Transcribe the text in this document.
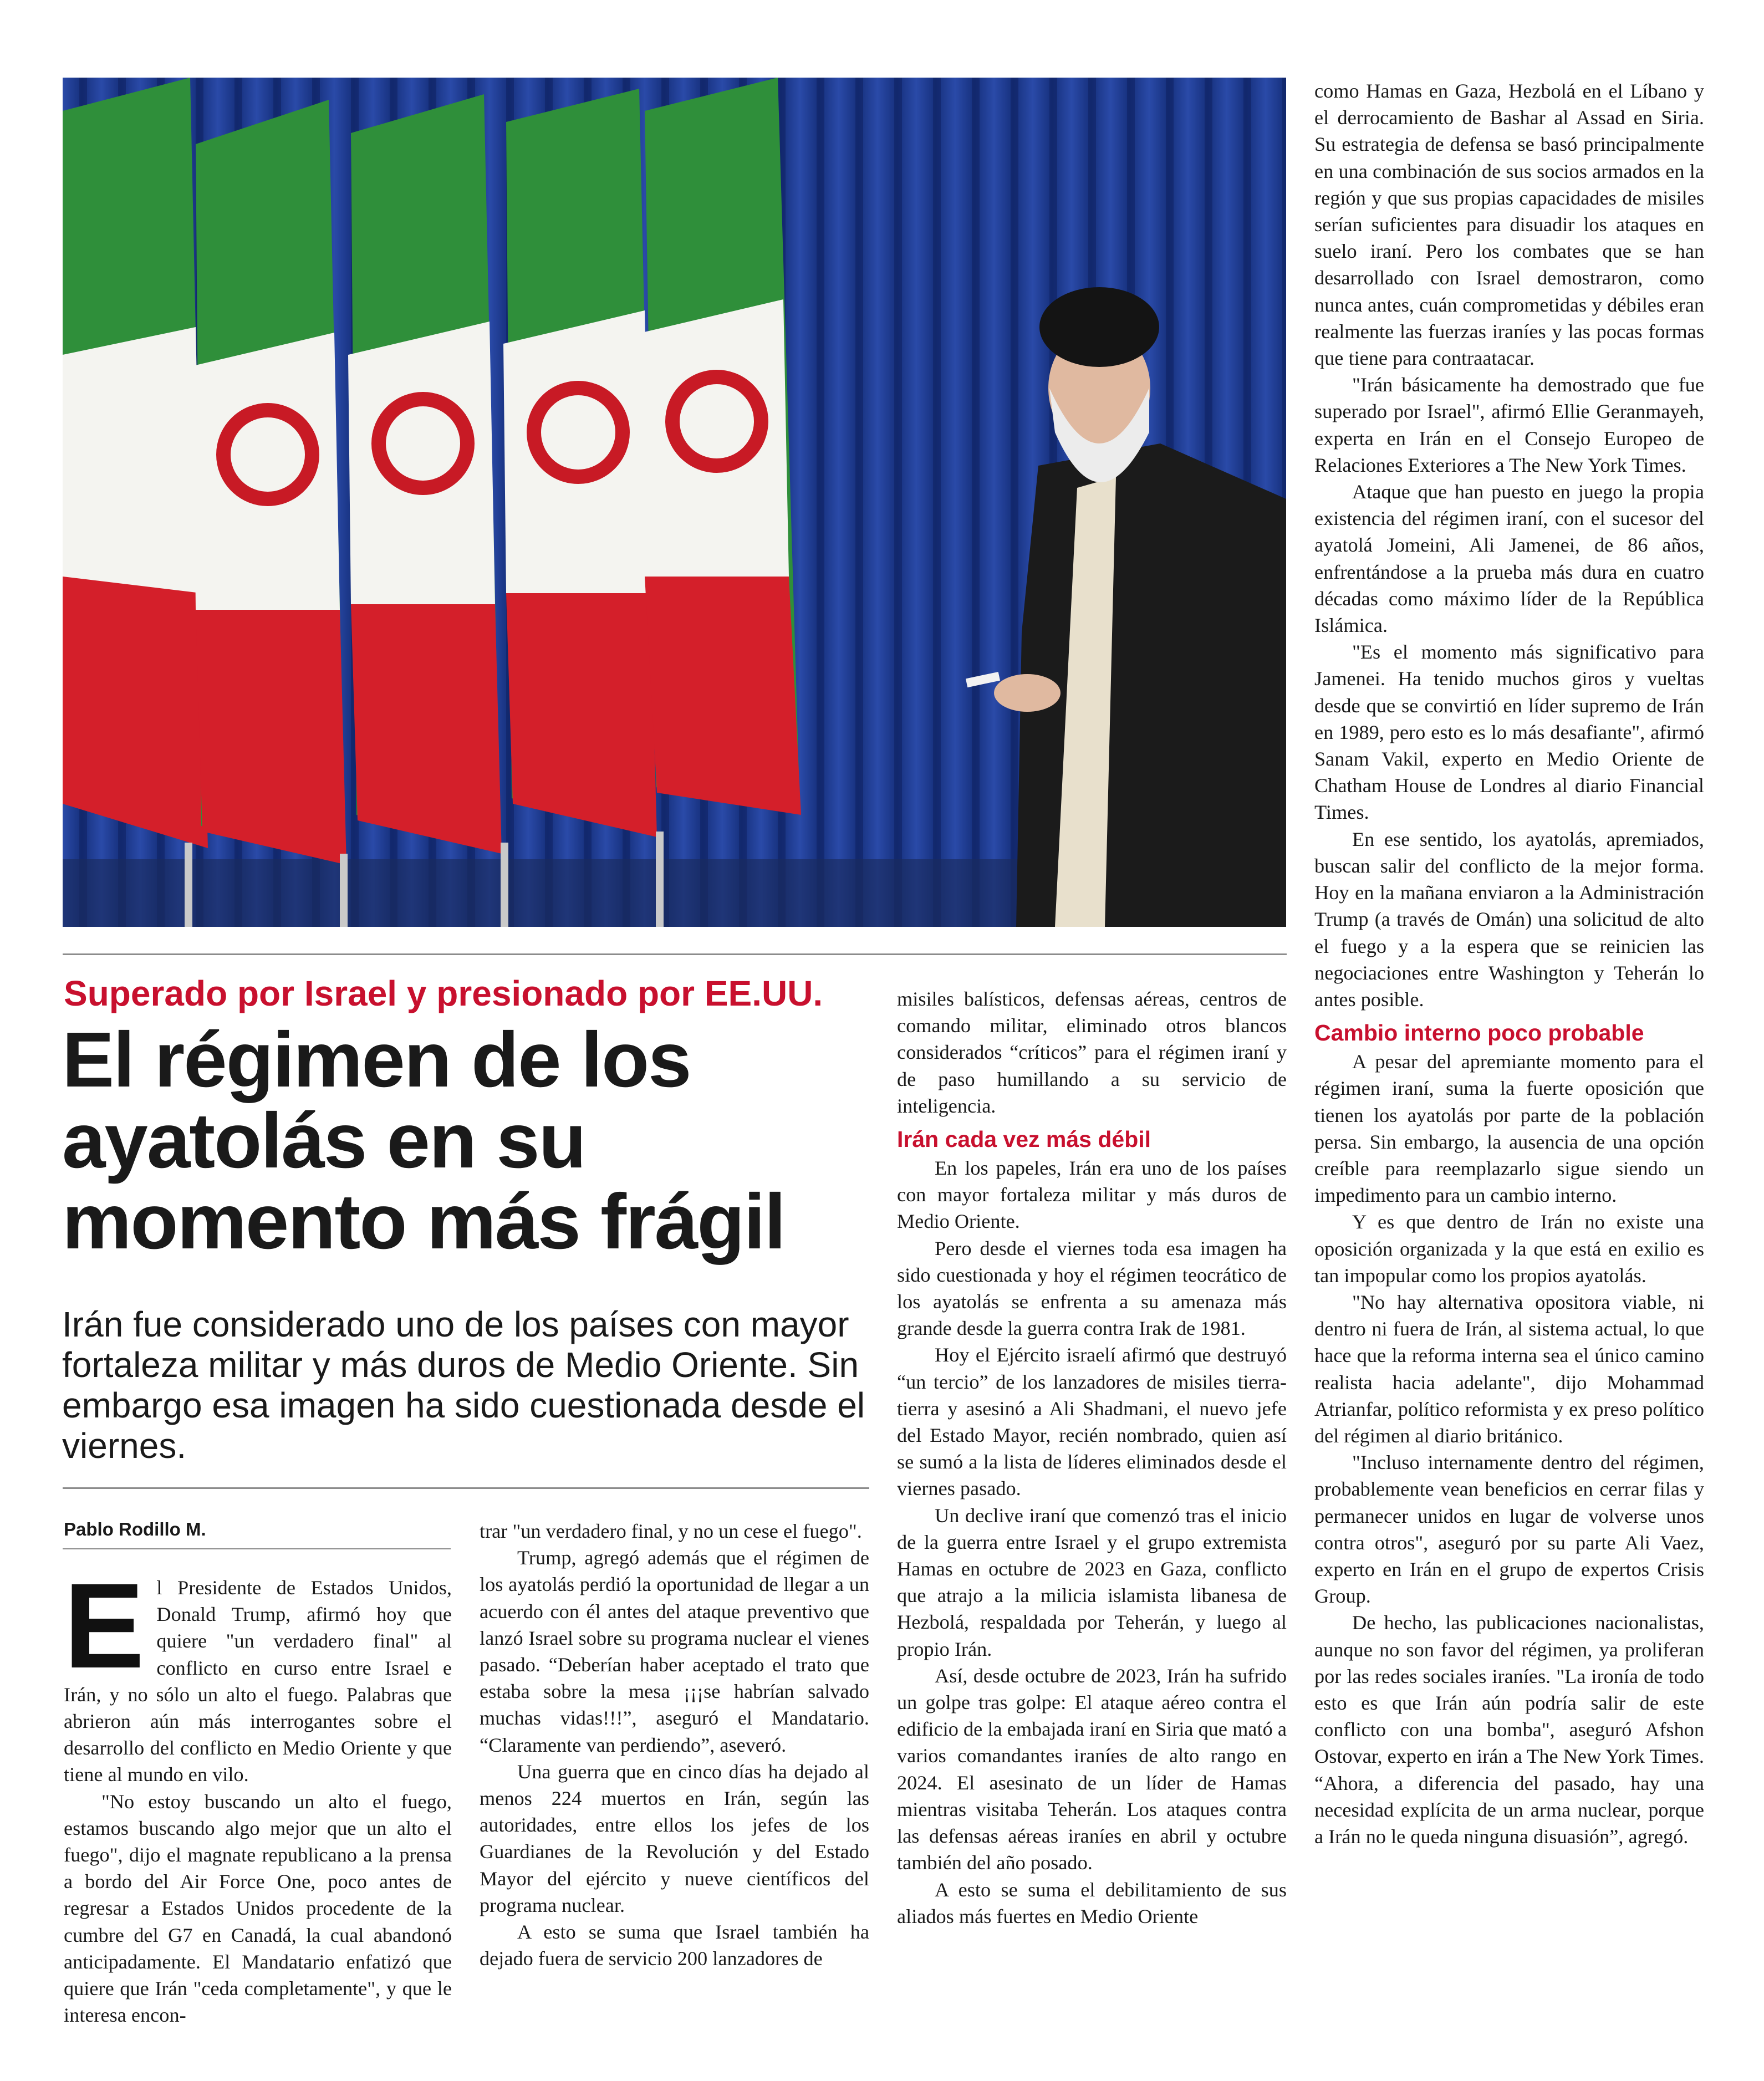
Superado por Israel y presionado por EE.UU.
El régimen de los ayatolás en su momento más frágil
Irán fue considerado uno de los países con mayor fortaleza militar y más duros de Medio Oriente. Sin embargo esa imagen ha sido cuestionada desde el viernes.
Pablo Rodillo M.

El Presidente de Estados Unidos, Donald Trump, afirmó hoy que quiere "un verdadero final" al conflicto en curso entre Israel e Irán, y no sólo un alto el fuego. Palabras que abrieron aún más interrogantes sobre el desarrollo del conflicto en Medio Oriente y que tiene al mundo en vilo.

"No estoy buscando un alto el fuego, estamos buscando algo mejor que un alto el fuego", dijo el magnate republicano a la prensa a bordo del Air Force One, poco antes de regresar a Estados Unidos procedente de la cumbre del G7 en Canadá, la cual abandonó anticipadamente. El Mandatario enfatizó que quiere que Irán "ceda completamente", y que le interesa encon-

trar "un verdadero final, y no un cese el fuego".

Trump, agregó además que el régimen de los ayatolás perdió la oportunidad de llegar a un acuerdo con él antes del ataque preventivo que lanzó Israel sobre su programa nuclear el vienes pasado. “Deberían haber aceptado el trato que estaba sobre la mesa ¡¡¡se habrían salvado muchas vidas!!!”, aseguró el Mandatario. “Claramente van perdiendo”, aseveró.

Una guerra que en cinco días ha dejado al menos 224 muertos en Irán, según las autoridades, entre ellos los jefes de los Guardianes de la Revolución y del Estado Mayor del ejército y nueve científicos del programa nuclear.

A esto se suma que Israel también ha dejado fuera de servicio 200 lanzadores de

misiles balísticos, defensas aéreas, centros de comando militar, eliminado otros blancos considerados “críticos” para el régimen iraní y de paso humillando a su servicio de inteligencia.

Irán cada vez más débil

En los papeles, Irán era uno de los países con mayor fortaleza militar y más duros de Medio Oriente.

Pero desde el viernes toda esa imagen ha sido cuestionada y hoy el régimen teocrático de los ayatolás se enfrenta a su amenaza más grande desde la guerra contra Irak de 1981.

Hoy el Ejército israelí afirmó que destruyó “un tercio” de los lanzadores de misiles tierra-tierra y asesinó a Ali Shadmani, el nuevo jefe del Estado Mayor, recién nombrado, quien así se sumó a la lista de líderes eliminados desde el viernes pasado.

Un declive iraní que comenzó tras el inicio de la guerra entre Israel y el grupo extremista Hamas en octubre de 2023 en Gaza, conflicto que atrajo a la milicia islamista libanesa de Hezbolá, respaldada por Teherán, y luego al propio Irán.

Así, desde octubre de 2023, Irán ha sufrido un golpe tras golpe: El ataque aéreo contra el edificio de la embajada iraní en Siria que mató a varios comandantes iraníes de alto rango en 2024. El asesinato de un líder de Hamas mientras visitaba Teherán. Los ataques contra las defensas aéreas iraníes en abril y octubre también del año posado.

A esto se suma el debilitamiento de sus aliados más fuertes en Medio Oriente

como Hamas en Gaza, Hezbolá en el Líbano y el derrocamiento de Bashar al Assad en Siria. Su estrategia de defensa se basó principalmente en una combinación de sus socios armados en la región y que sus propias capacidades de misiles serían suficientes para disuadir los ataques en suelo iraní. Pero los combates que se han desarrollado con Israel demostraron, como nunca antes, cuán comprometidas y débiles eran realmente las fuerzas iraníes y las pocas formas que tiene para contraatacar.

"Irán básicamente ha demostrado que fue superado por Israel", afirmó Ellie Geranmayeh, experta en Irán en el Consejo Europeo de Relaciones Exteriores a The New York Times.

Ataque que han puesto en juego la propia existencia del régimen iraní, con el sucesor del ayatolá Jomeini, Ali Jamenei, de 86 años, enfrentándose a la prueba más dura en cuatro décadas como máximo líder de la República Islámica.

"Es el momento más significativo para Jamenei. Ha tenido muchos giros y vueltas desde que se convirtió en líder supremo de Irán en 1989, pero esto es lo más desafiante", afirmó Sanam Vakil, experto en Medio Oriente de Chatham House de Londres al diario Financial Times.

En ese sentido, los ayatolás, apremiados, buscan salir del conflicto de la mejor forma. Hoy en la mañana enviaron a la Administración Trump (a través de Omán) una solicitud de alto el fuego y a la espera que se reinicien las negociaciones entre Washington y Teherán lo antes posible.

Cambio interno poco probable

A pesar del apremiante momento para el régimen iraní, suma la fuerte oposición que tienen los ayatolás por parte de la población persa. Sin embargo, la ausencia de una opción creíble para reemplazarlo sigue siendo un impedimento para un cambio interno.

Y es que dentro de Irán no existe una oposición organizada y la que está en exilio es tan impopular como los propios ayatolás.

"No hay alternativa opositora viable, ni dentro ni fuera de Irán, al sistema actual, lo que hace que la reforma interna sea el único camino realista hacia adelante", dijo Mohammad Atrianfar, político reformista y ex preso político del régimen al diario británico.

"Incluso internamente dentro del régimen, probablemente vean beneficios en cerrar filas y permanecer unidos en lugar de volverse unos contra otros", aseguró por su parte Ali Vaez, experto en Irán en el grupo de expertos Crisis Group.

De hecho, las publicaciones nacionalistas, aunque no son favor del régimen, ya proliferan por las redes sociales iraníes. "La ironía de todo esto es que Irán aún podría salir de este conflicto con una bomba", aseguró Afshon Ostovar, experto en irán a The New York Times. “Ahora, a diferencia del pasado, hay una necesidad explícita de un arma nuclear, porque a Irán no le queda ninguna disuasión”, agregó.
